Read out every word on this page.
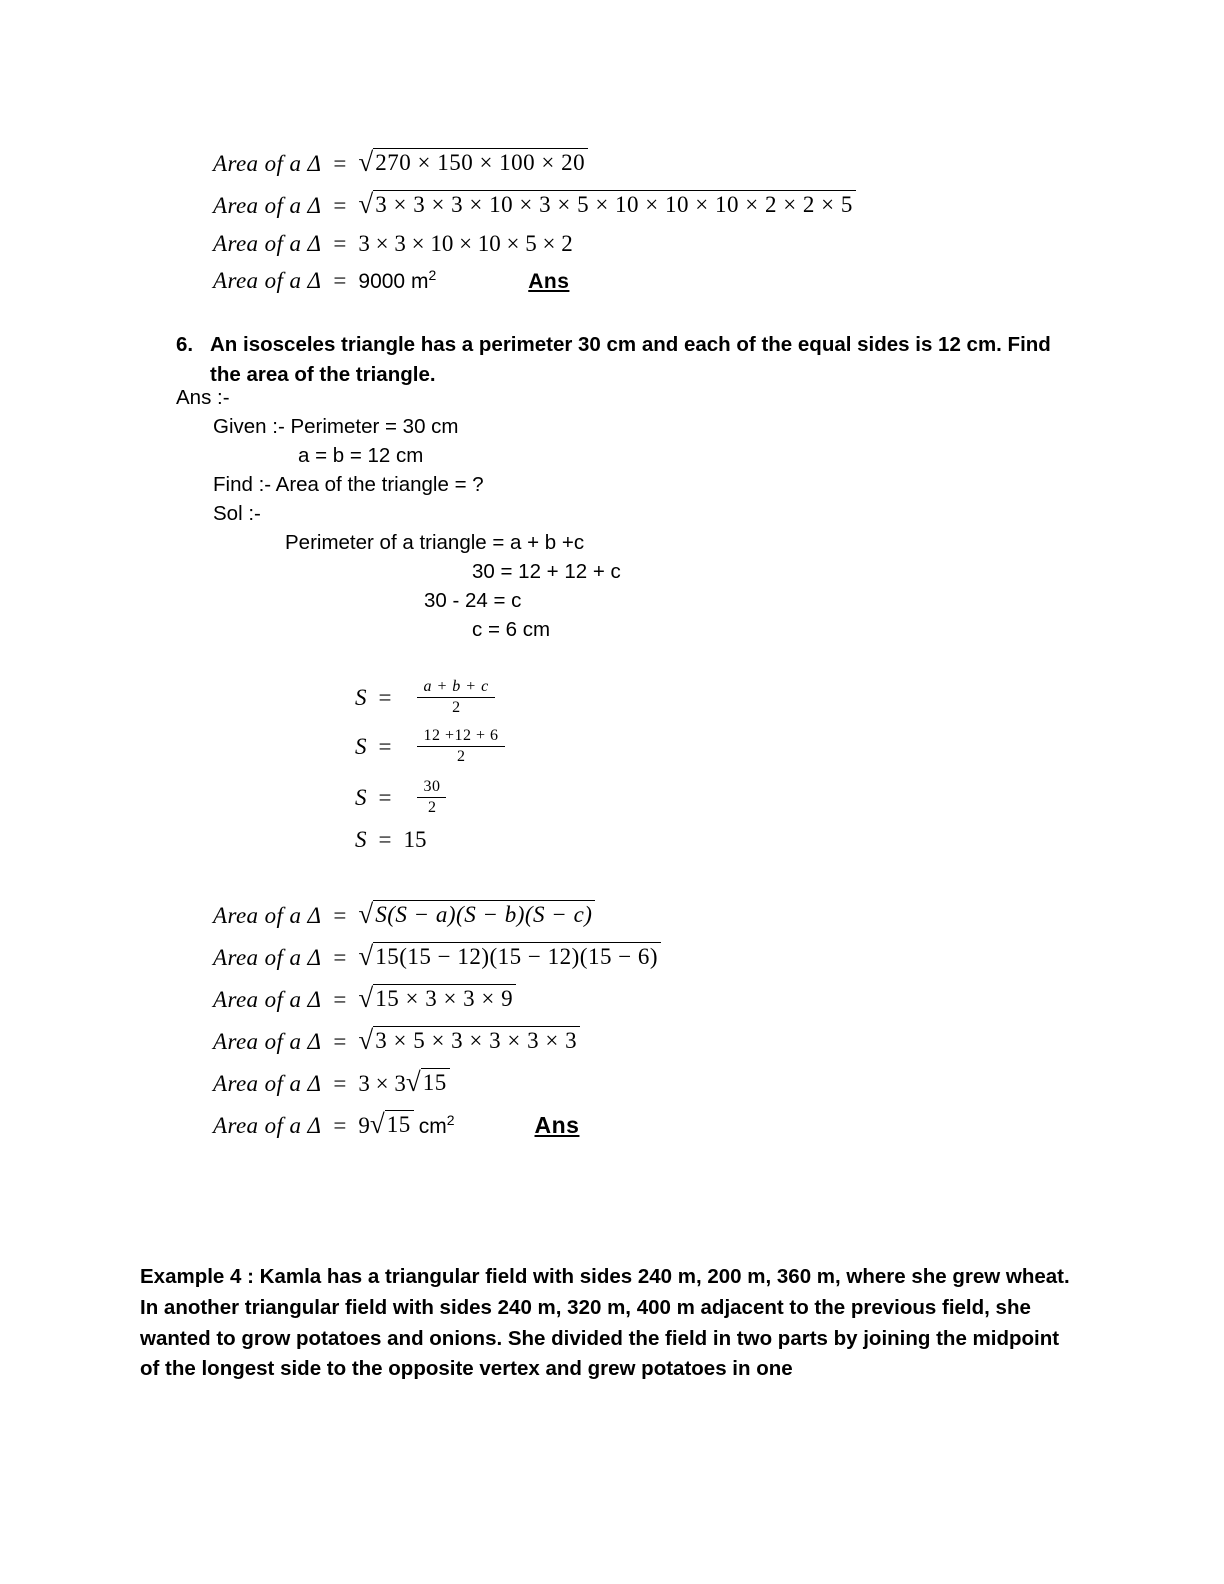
Area of a Δ = √ 270 × 150 × 100 × 20
Area of a Δ = √ 3 × 3 × 3 × 10 × 3 × 5 × 10 × 10 × 10 × 2 × 2 × 5
Area of a Δ = 3 × 3 × 10 × 10 × 5 × 2
Area of a Δ = 9000 $m^2$	Ans
6. An isosceles triangle has a perimeter 30 cm and each of the equal sides is 12 cm. Find the area of the triangle.
Ans :-
Given :- Perimeter = 30 cm
a = b = 12 cm
Find :- Area of the triangle = ?
Sol :-
Perimeter of a triangle = a + b +c
30 = 12 + 12 + c
30 - 24 = c
c = 6 cm
$S = \frac{a + b + c}{2}$
$S = \frac{12 +12 + 6}{2}$
$S = \frac{30}{2}$
S = 15
Area of a Δ = √ S(S − a)(S − b)(S − c)
Area of a Δ = √ 15(15 − 12)(15 − 12)(15 − 6)
Area of a Δ = √ 15 × 3 × 3 × 9
Area of a Δ = √ 3 × 5 × 3 × 3 × 3 × 3
Area of a Δ = 3 × 3 √ 15
Area of a Δ = 9 √ 15 $cm^2$	Ans
Example 4 : Kamla has a triangular field with sides 240 m, 200 m, 360 m, where she grew wheat. In another triangular field with sides 240 m, 320 m, 400 m adjacent to the previous field, she wanted to grow potatoes and onions. She divided the field in two parts by joining the midpoint of the longest side to the opposite vertex and grew potatoes in one
